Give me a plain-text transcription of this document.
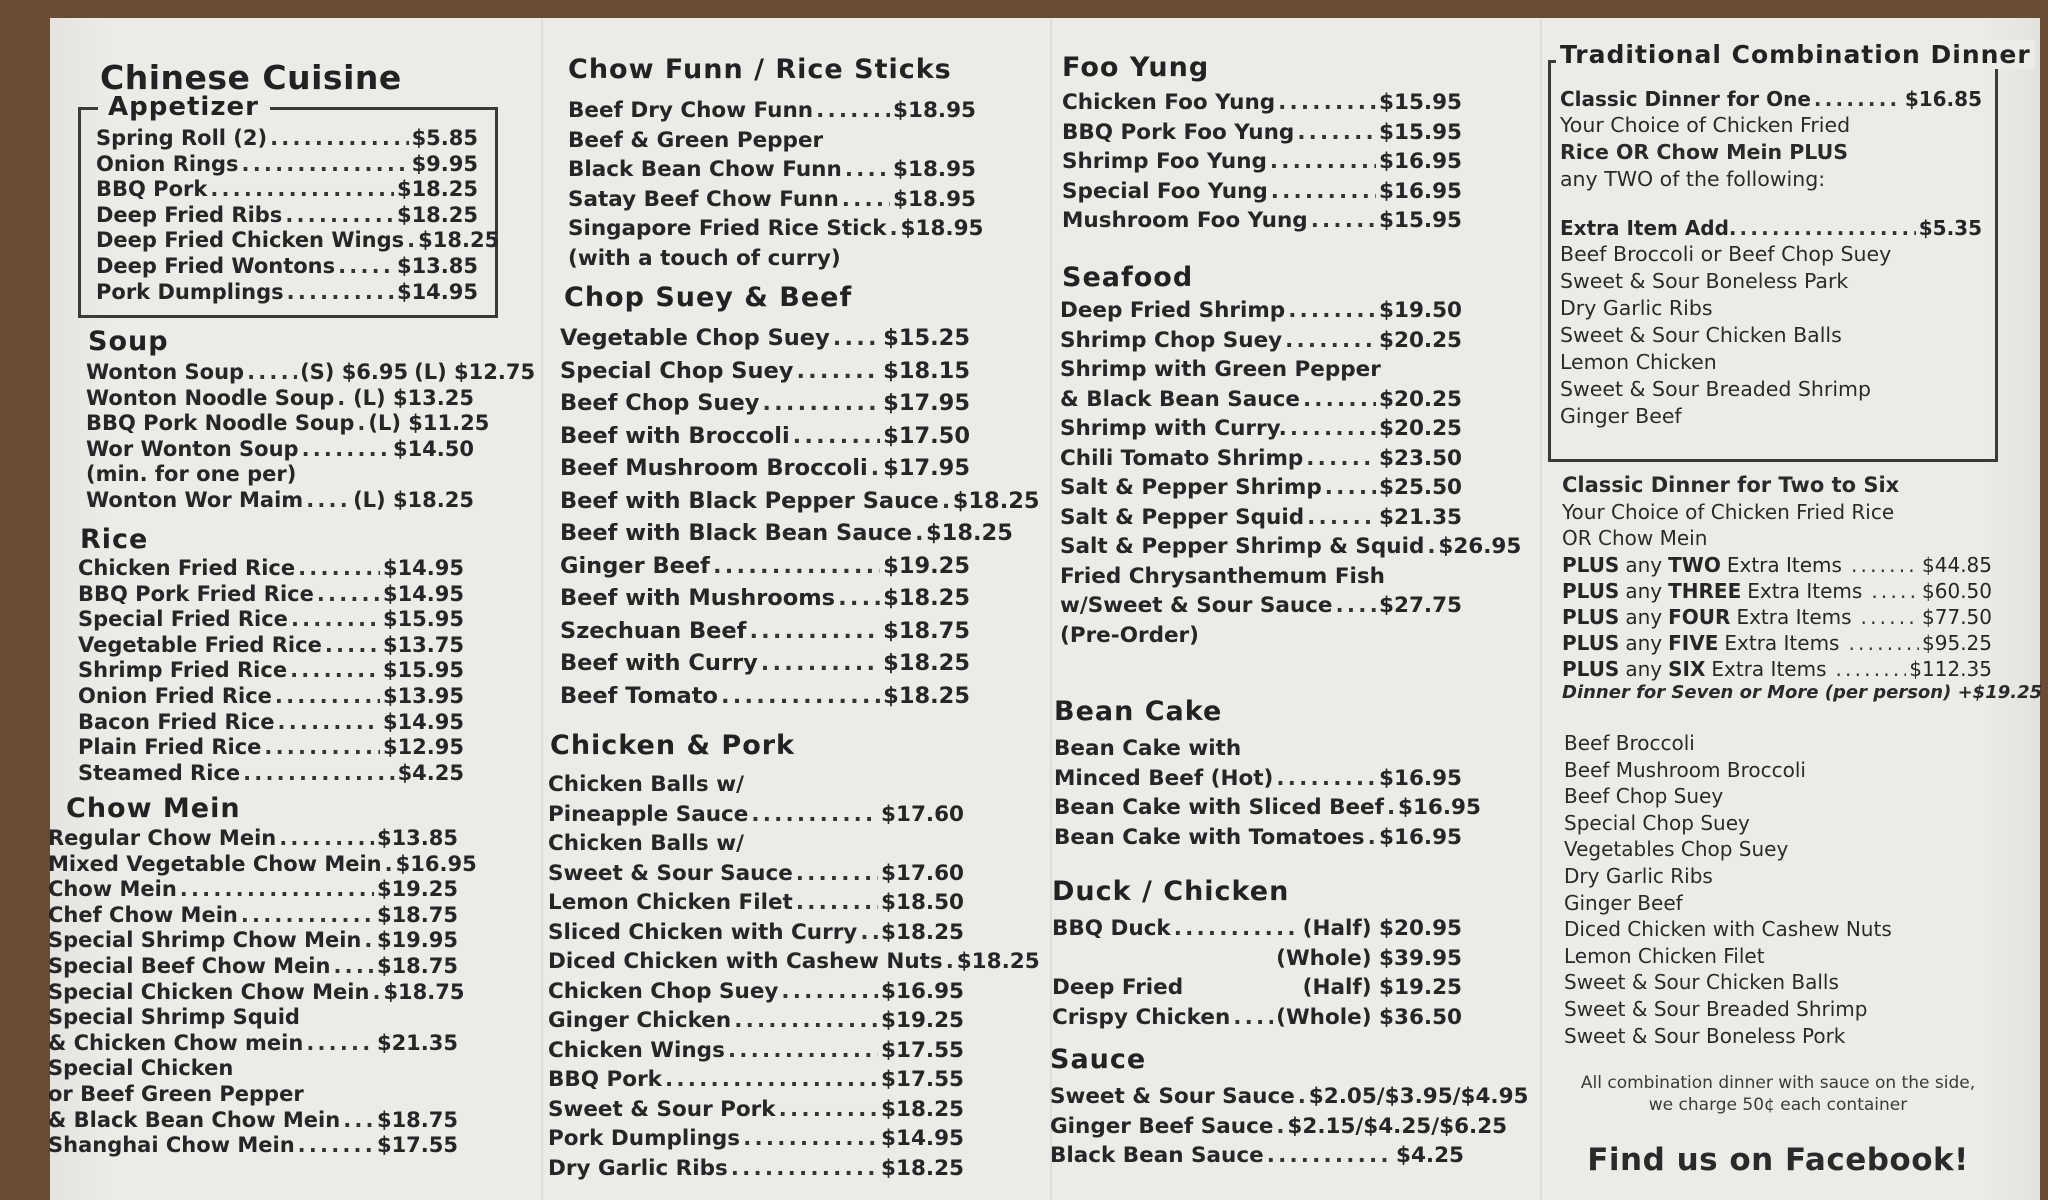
Chinese Cuisine
Appetizer
Spring Roll (2) .....	$5.85
Onion Rings .....	$9.95
BBQ Pork .....	$18.25
Deep Fried Ribs .....	$18.25
Deep Fried Chicken Wings ..... $18.25
Deep Fried Wontons .....	$13.85
Pork Dumplings .....	$14.95
Soup
Wonton Soup .....	(S) $6.95 (L) $12.75
Wonton Noodle Soup ..... (L) $13.25
BBQ Pork Noodle Soup ..... (L) $11.25
Wor Wonton Soup .....	$14.50
(min. for one per)
Wonton Wor Maim ..... (L) $18.25
Rice
Chicken Fried Rice .....	$14.95
BBQ Pork Fried Rice .....	$14.95
Special Fried Rice .....	$15.95
Vegetable Fried Rice .....	$13.75
Shrimp Fried Rice .....	$15.95
Onion Fried Rice .....	$13.95
Bacon Fried Rice .....	$14.95
Plain Fried Rice .....	$12.95
Steamed Rice .....	$4.25
Chow Mein
Regular Chow Mein .....	$13.85
Mixed Vegetable Chow Mein ..... $16.95
Chow Mein .....	$19.25
Chef Chow Mein .....	$18.75
Special Shrimp Chow Mein ..... $19.95
Special Beef Chow Mein ..... $18.75
Special Chicken Chow Mein ..... $18.75
Special Shrimp Squid
& Chicken Chow mein .....	$21.35
Special Chicken
or Beef Green Pepper
& Black Bean Chow Mein ..... $18.75
Shanghai Chow Mein .....	$17.55
Chow Funn / Rice Sticks
Beef Dry Chow Funn .....	$18.95
Beef & Green Pepper
Black Bean Chow Funn ..... $18.95
Satay Beef Chow Funn .....	$18.95
Singapore Fried Rice Stick ..... $18.95
(with a touch of curry)
Chop Suey & Beef
Vegetable Chop Suey ..... $15.25
Special Chop Suey .....	$18.15
Beef Chop Suey .....	$17.95
Beef with Broccoli .....	$17.50
Beef Mushroom Broccoli ..... $17.95
Beef with Black Pepper Sauce ..... $18.25
Beef with Black Bean Sauce ..... $18.25
Ginger Beef .....	$19.25
Beef with Mushrooms ..... $18.25
Szechuan Beef .....	$18.75
Beef with Curry .....	$18.25
Beef Tomato .....	$18.25
Chicken & Pork
Chicken Balls w/
Pineapple Sauce .....	$17.60
Chicken Balls w/
Sweet & Sour Sauce .....	$17.60
Lemon Chicken Filet .....	$18.50
Sliced Chicken with Curry ..... $18.25
Diced Chicken with Cashew Nuts ..... $18.25
Chicken Chop Suey .....	$16.95
Ginger Chicken .....	$19.25
Chicken Wings .....	$17.55
BBQ Pork .....	$17.55
Sweet & Sour Pork .....	$18.25
Pork Dumplings .....	$14.95
Dry Garlic Ribs .....	$18.25
Foo Yung
Chicken Foo Yung .....	$15.95
BBQ Pork Foo Yung .....	$15.95
Shrimp Foo Yung .....	$16.95
Special Foo Yung .....	$16.95
Mushroom Foo Yung .....	$15.95
Seafood
Deep Fried Shrimp .....	$19.50
Shrimp Chop Suey .....	$20.25
Shrimp with Green Pepper
& Black Bean Sauce .....	$20.25
Shrimp with Curry. .....	$20.25
Chili Tomato Shrimp .....	$23.50
Salt & Pepper Shrimp .....	$25.50
Salt & Pepper Squid .....	$21.35
Salt & Pepper Shrimp & Squid ..... $26.95
Fried Chrysanthemum Fish
w/Sweet & Sour Sauce ..... $27.75
(Pre-Order)
Bean Cake
Bean Cake with
Minced Beef (Hot) .....	$16.95
Bean Cake with Sliced Beef ..... $16.95
Bean Cake with Tomatoes ..... $16.95
Duck / Chicken
BBQ Duck .....	(Half) $20.95
(Whole) $39.95
Deep Fried	(Half) $19.25
Crispy Chicken ..... (Whole) $36.50
Sauce
Sweet & Sour Sauce ..... $2.05/$3.95/$4.95
Ginger Beef Sauce ..... $2.15/$4.25/$6.25
Black Bean Sauce .....	$4.25
Traditional Combination Dinner
Classic Dinner for One .....	$16.85
Your Choice of Chicken Fried
Rice OR Chow Mein PLUS
any TWO of the following:
Extra Item Add. .....	$5.35
Beef Broccoli or Beef Chop Suey
Sweet & Sour Boneless Park
Dry Garlic Ribs
Sweet & Sour Chicken Balls
Lemon Chicken
Sweet & Sour Breaded Shrimp
Ginger Beef
Classic Dinner for Two to Six
Your Choice of Chicken Fried Rice
OR Chow Mein
PLUS any TWO Extra Items .....	$44.85
PLUS any THREE Extra Items .....	$60.50
PLUS any FOUR Extra Items .....	$77.50
PLUS any FIVE Extra Items .....	$95.25
PLUS any SIX Extra Items .....	$112.35
Dinner for Seven or More (per person) +$19.25
Beef Broccoli
Beef Mushroom Broccoli
Beef Chop Suey
Special Chop Suey
Vegetables Chop Suey
Dry Garlic Ribs
Ginger Beef
Diced Chicken with Cashew Nuts
Lemon Chicken Filet
Sweet & Sour Chicken Balls
Sweet & Sour Breaded Shrimp
Sweet & Sour Boneless Pork
All combination dinner with sauce on the side,
we charge 50¢ each container
Find us on Facebook!
